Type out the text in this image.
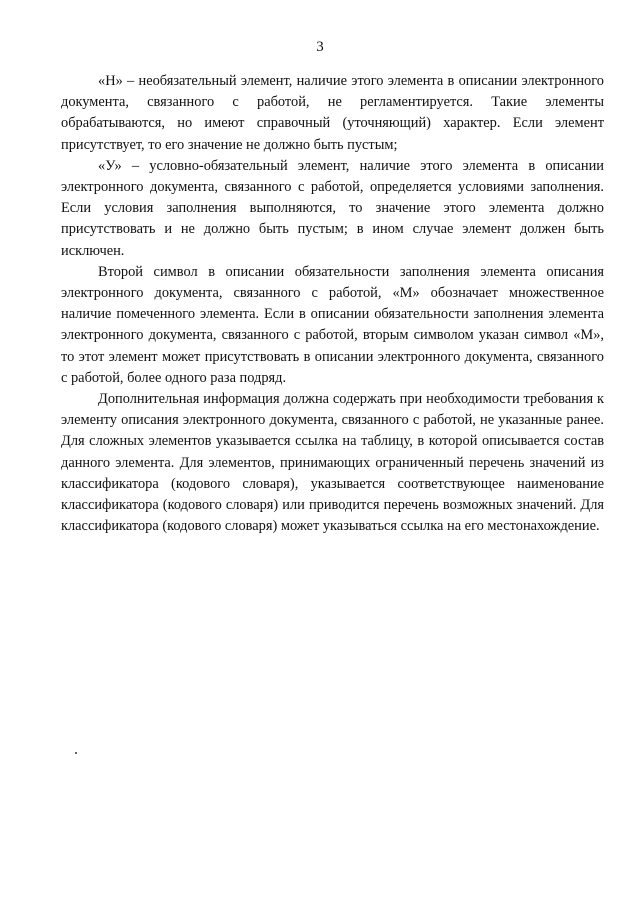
3

«Н» – необязательный элемент, наличие этого элемента в описании электронного документа, связанного с работой, не регламентируется. Такие элементы обрабатываются, но имеют справочный (уточняющий) характер. Если элемент присутствует, то его значение не должно быть пустым;

«У» – условно-обязательный элемент, наличие этого элемента в описании электронного документа, связанного с работой, определяется условиями заполнения. Если условия заполнения выполняются, то значение этого элемента должно присутствовать и не должно быть пустым; в ином случае элемент должен быть исключен.

Второй символ в описании обязательности заполнения элемента описания электронного документа, связанного с работой, «М» обозначает множественное наличие помеченного элемента. Если в описании обязательности заполнения элемента электронного документа, связанного с работой, вторым символом указан символ «М», то этот элемент может присутствовать в описании электронного документа, связанного с работой, более одного раза подряд.

Дополнительная информация должна содержать при необходимости требования к элементу описания электронного документа, связанного с работой, не указанные ранее. Для сложных элементов указывается ссылка на таблицу, в которой описывается состав данного элемента. Для элементов, принимающих ограниченный перечень значений из классификатора (кодового словаря), указывается соответствующее наименование классификатора (кодового словаря) или приводится перечень возможных значений. Для классификатора (кодового словаря) может указываться ссылка на его местонахождение.
